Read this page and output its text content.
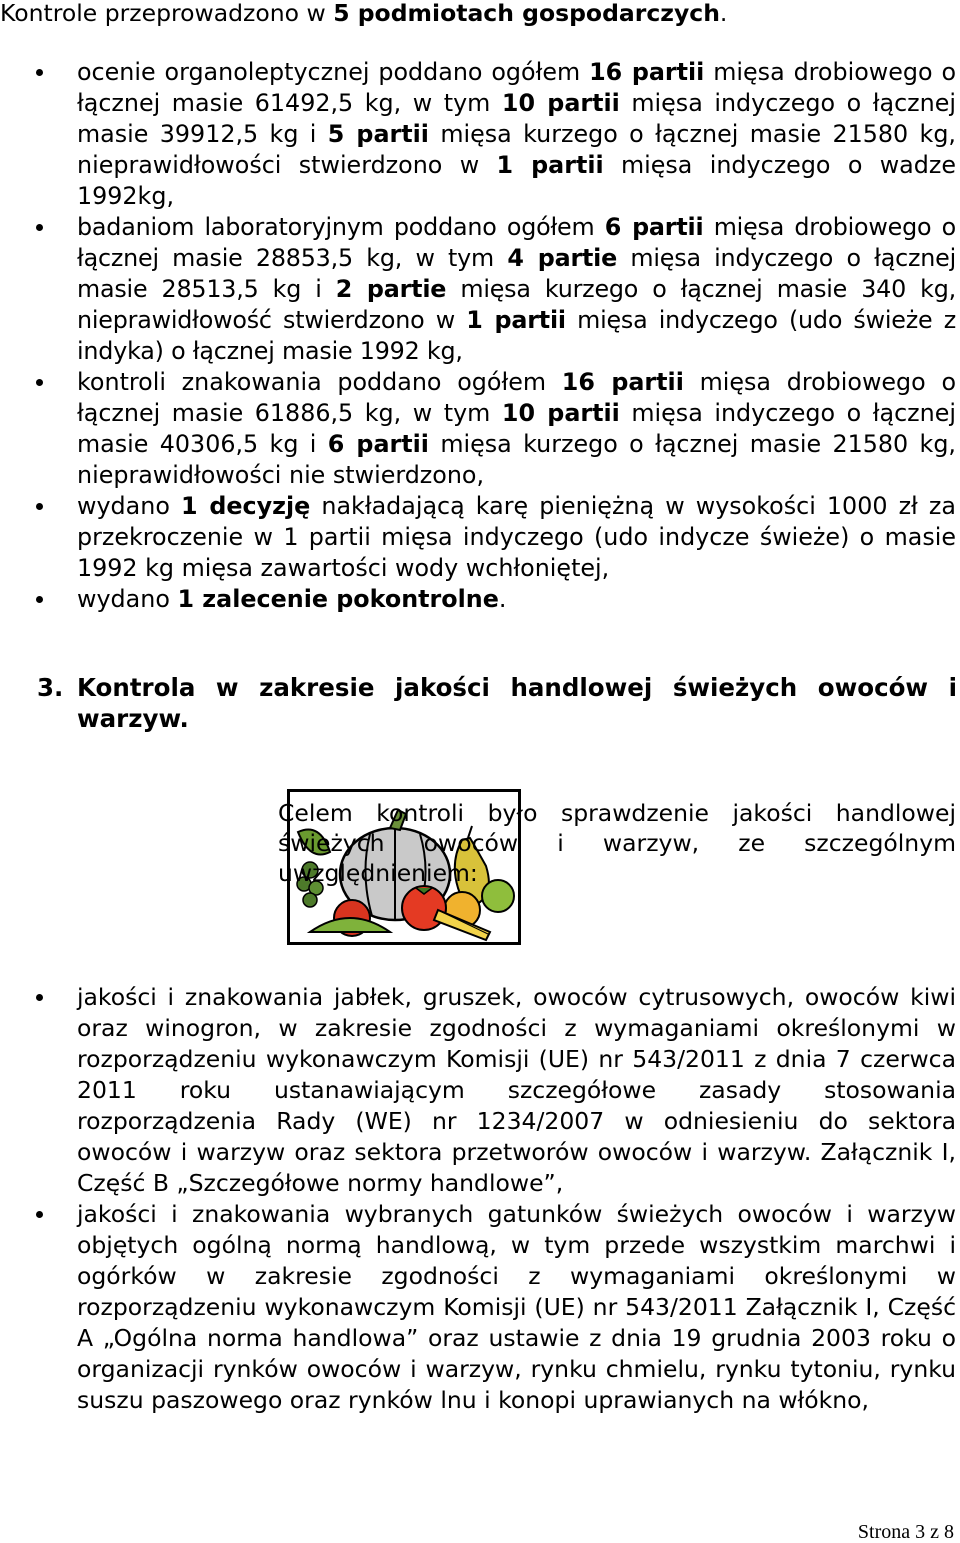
Kontrole przeprowadzono w 5 podmiotach gospodarczych.
ocenie organoleptycznej poddano ogółem 16 partii mięsa drobiowego o łącznej masie 61492,5 kg, w tym 10 partii mięsa indyczego o łącznej masie 39912,5 kg i 5 partii mięsa kurzego o łącznej masie 21580 kg, nieprawidłowości stwierdzono w 1 partii mięsa indyczego o wadze 1992kg,
badaniom laboratoryjnym poddano ogółem 6 partii mięsa drobiowego o łącznej masie 28853,5 kg, w tym 4 partie mięsa indyczego o łącznej masie 28513,5 kg i 2 partie mięsa kurzego o łącznej masie 340 kg, nieprawidłowość stwierdzono w 1 partii mięsa indyczego (udo świeże z indyka) o łącznej masie 1992 kg,
kontroli znakowania poddano ogółem 16 partii mięsa drobiowego o łącznej masie 61886,5 kg, w tym 10 partii mięsa indyczego o łącznej masie 40306,5 kg i 6 partii mięsa kurzego o łącznej masie 21580 kg, nieprawidłowości nie stwierdzono,
wydano 1 decyzję nakładającą karę pieniężną w wysokości 1000 zł za przekroczenie w 1 partii mięsa indyczego (udo indycze świeże) o masie 1992 kg mięsa zawartości wody wchłoniętej,
wydano 1 zalecenie pokontrolne.
3. Kontrola w zakresie jakości handlowej świeżych owoców i warzyw.
Celem kontroli było sprawdzenie jakości handlowej świeżych owoców i warzyw, ze szczególnym uwzględnieniem:
jakości i znakowania jabłek, gruszek, owoców cytrusowych, owoców kiwi oraz winogron, w zakresie zgodności z wymaganiami określonymi w rozporządzeniu wykonawczym Komisji (UE) nr 543/2011 z dnia 7 czerwca 2011 roku ustanawiającym szczegółowe zasady stosowania rozporządzenia Rady (WE) nr 1234/2007 w odniesieniu do sektora owoców i warzyw oraz sektora przetworów owoców i warzyw. Załącznik I, Część B „Szczegółowe normy handlowe”,
jakości i znakowania wybranych gatunków świeżych owoców i warzyw objętych ogólną normą handlową, w tym przede wszystkim marchwi i ogórków w zakresie zgodności z wymaganiami określonymi w rozporządzeniu wykonawczym Komisji (UE) nr 543/2011 Załącznik I, Część A „Ogólna norma handlowa” oraz ustawie z dnia 19 grudnia 2003 roku o organizacji rynków owoców i warzyw, rynku chmielu, rynku tytoniu, rynku suszu paszowego oraz rynków lnu i konopi uprawianych na włókno,
Strona 3 z 8
